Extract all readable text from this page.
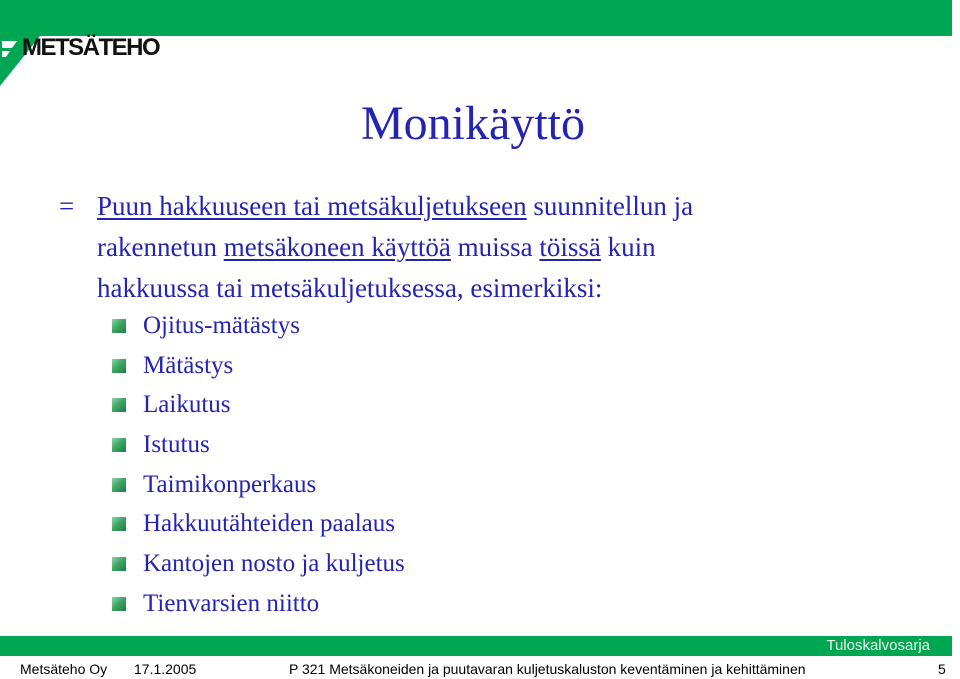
METSÄTEHO
Monikäyttö
= Puun hakkuuseen tai metsäkuljetukseen suunnitellun ja
rakennetun metsäkoneen käyttöä muissa töissä kuin
hakkuussa tai metsäkuljetuksessa, esimerkiksi:
Ojitus-mätästys
Mätästys
Laikutus
Istutus
Taimikonperkaus
Hakkuutähteiden paalaus
Kantojen nosto ja kuljetus
Tienvarsien niitto
Tuloskalvosarja
Metsäteho Oy 17.1.2005	P 321 Metsäkoneiden ja puutavaran kuljetuskaluston keventäminen ja kehittäminen	5
